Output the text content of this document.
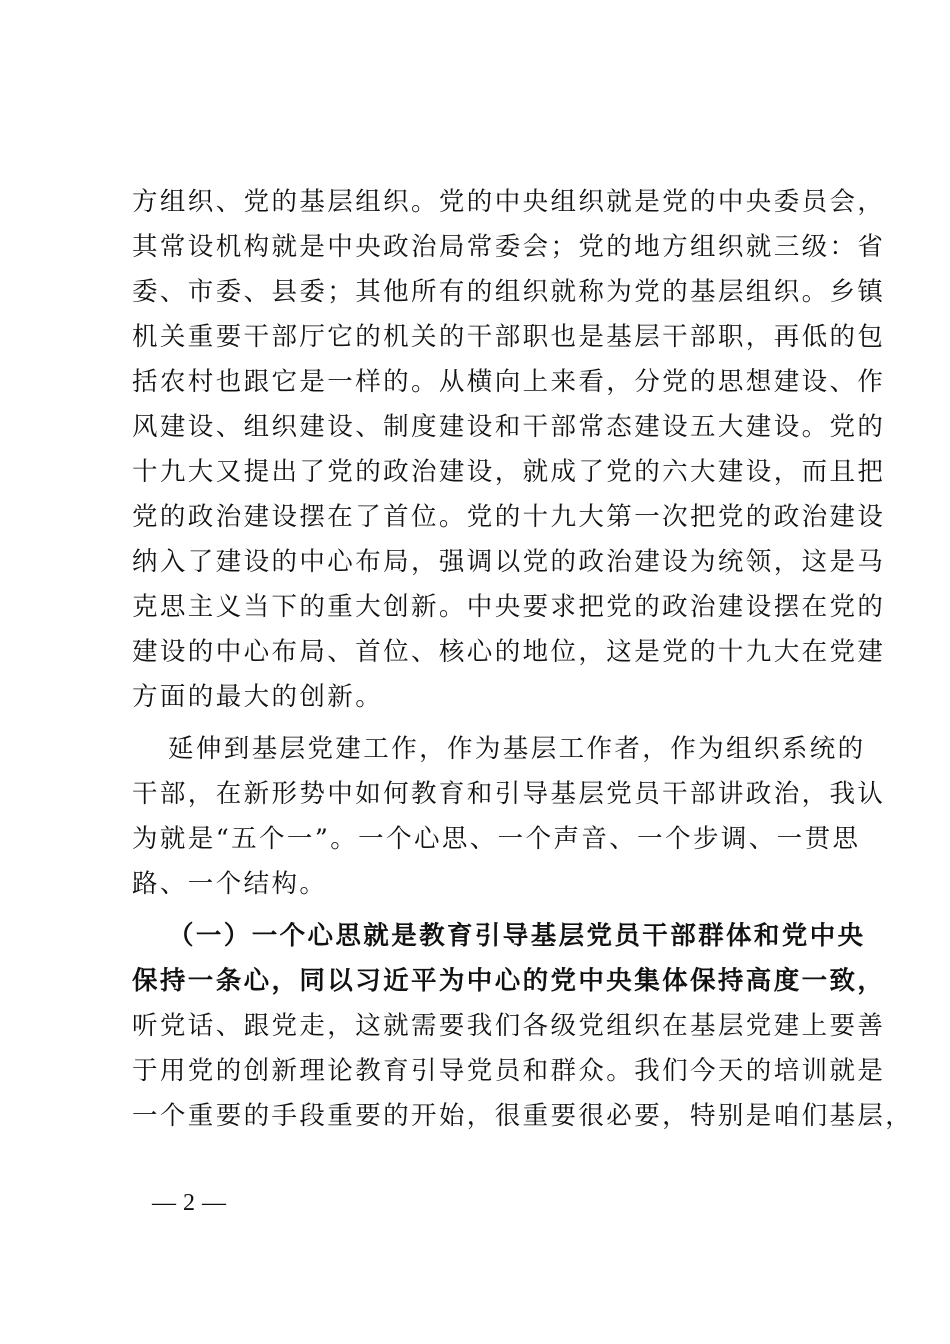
方组织、党的基层组织。党的中央组织就是党的中央委员会，
其常设机构就是中央政治局常委会；党的地方组织就三级：省
委、市委、县委；其他所有的组织就称为党的基层组织。乡镇
机关重要干部厅它的机关的干部职也是基层干部职，再低的包
括农村也跟它是一样的。从横向上来看，分党的思想建设、作
风建设、组织建设、制度建设和干部常态建设五大建设。党的
十九大又提出了党的政治建设，就成了党的六大建设，而且把
党的政治建设摆在了首位。党的十九大第一次把党的政治建设
纳入了建设的中心布局，强调以党的政治建设为统领，这是马
克思主义当下的重大创新。中央要求把党的政治建设摆在党的
建设的中心布局、首位、核心的地位，这是党的十九大在党建
方面的最大的创新。
延伸到基层党建工作，作为基层工作者，作为组织系统的
干部，在新形势中如何教育和引导基层党员干部讲政治，我认
为就是“五个一”。一个心思、一个声音、一个步调、一贯思
路、一个结构。
（一）一个心思就是教育引导基层党员干部群体和党中央
保持一条心，同以习近平为中心的党中央集体保持高度一致，
听党话、跟党走，这就需要我们各级党组织在基层党建上要善
于用党的创新理论教育引导党员和群众。我们今天的培训就是
一个重要的手段重要的开始，很重要很必要，特别是咱们基层，
— 2 —
